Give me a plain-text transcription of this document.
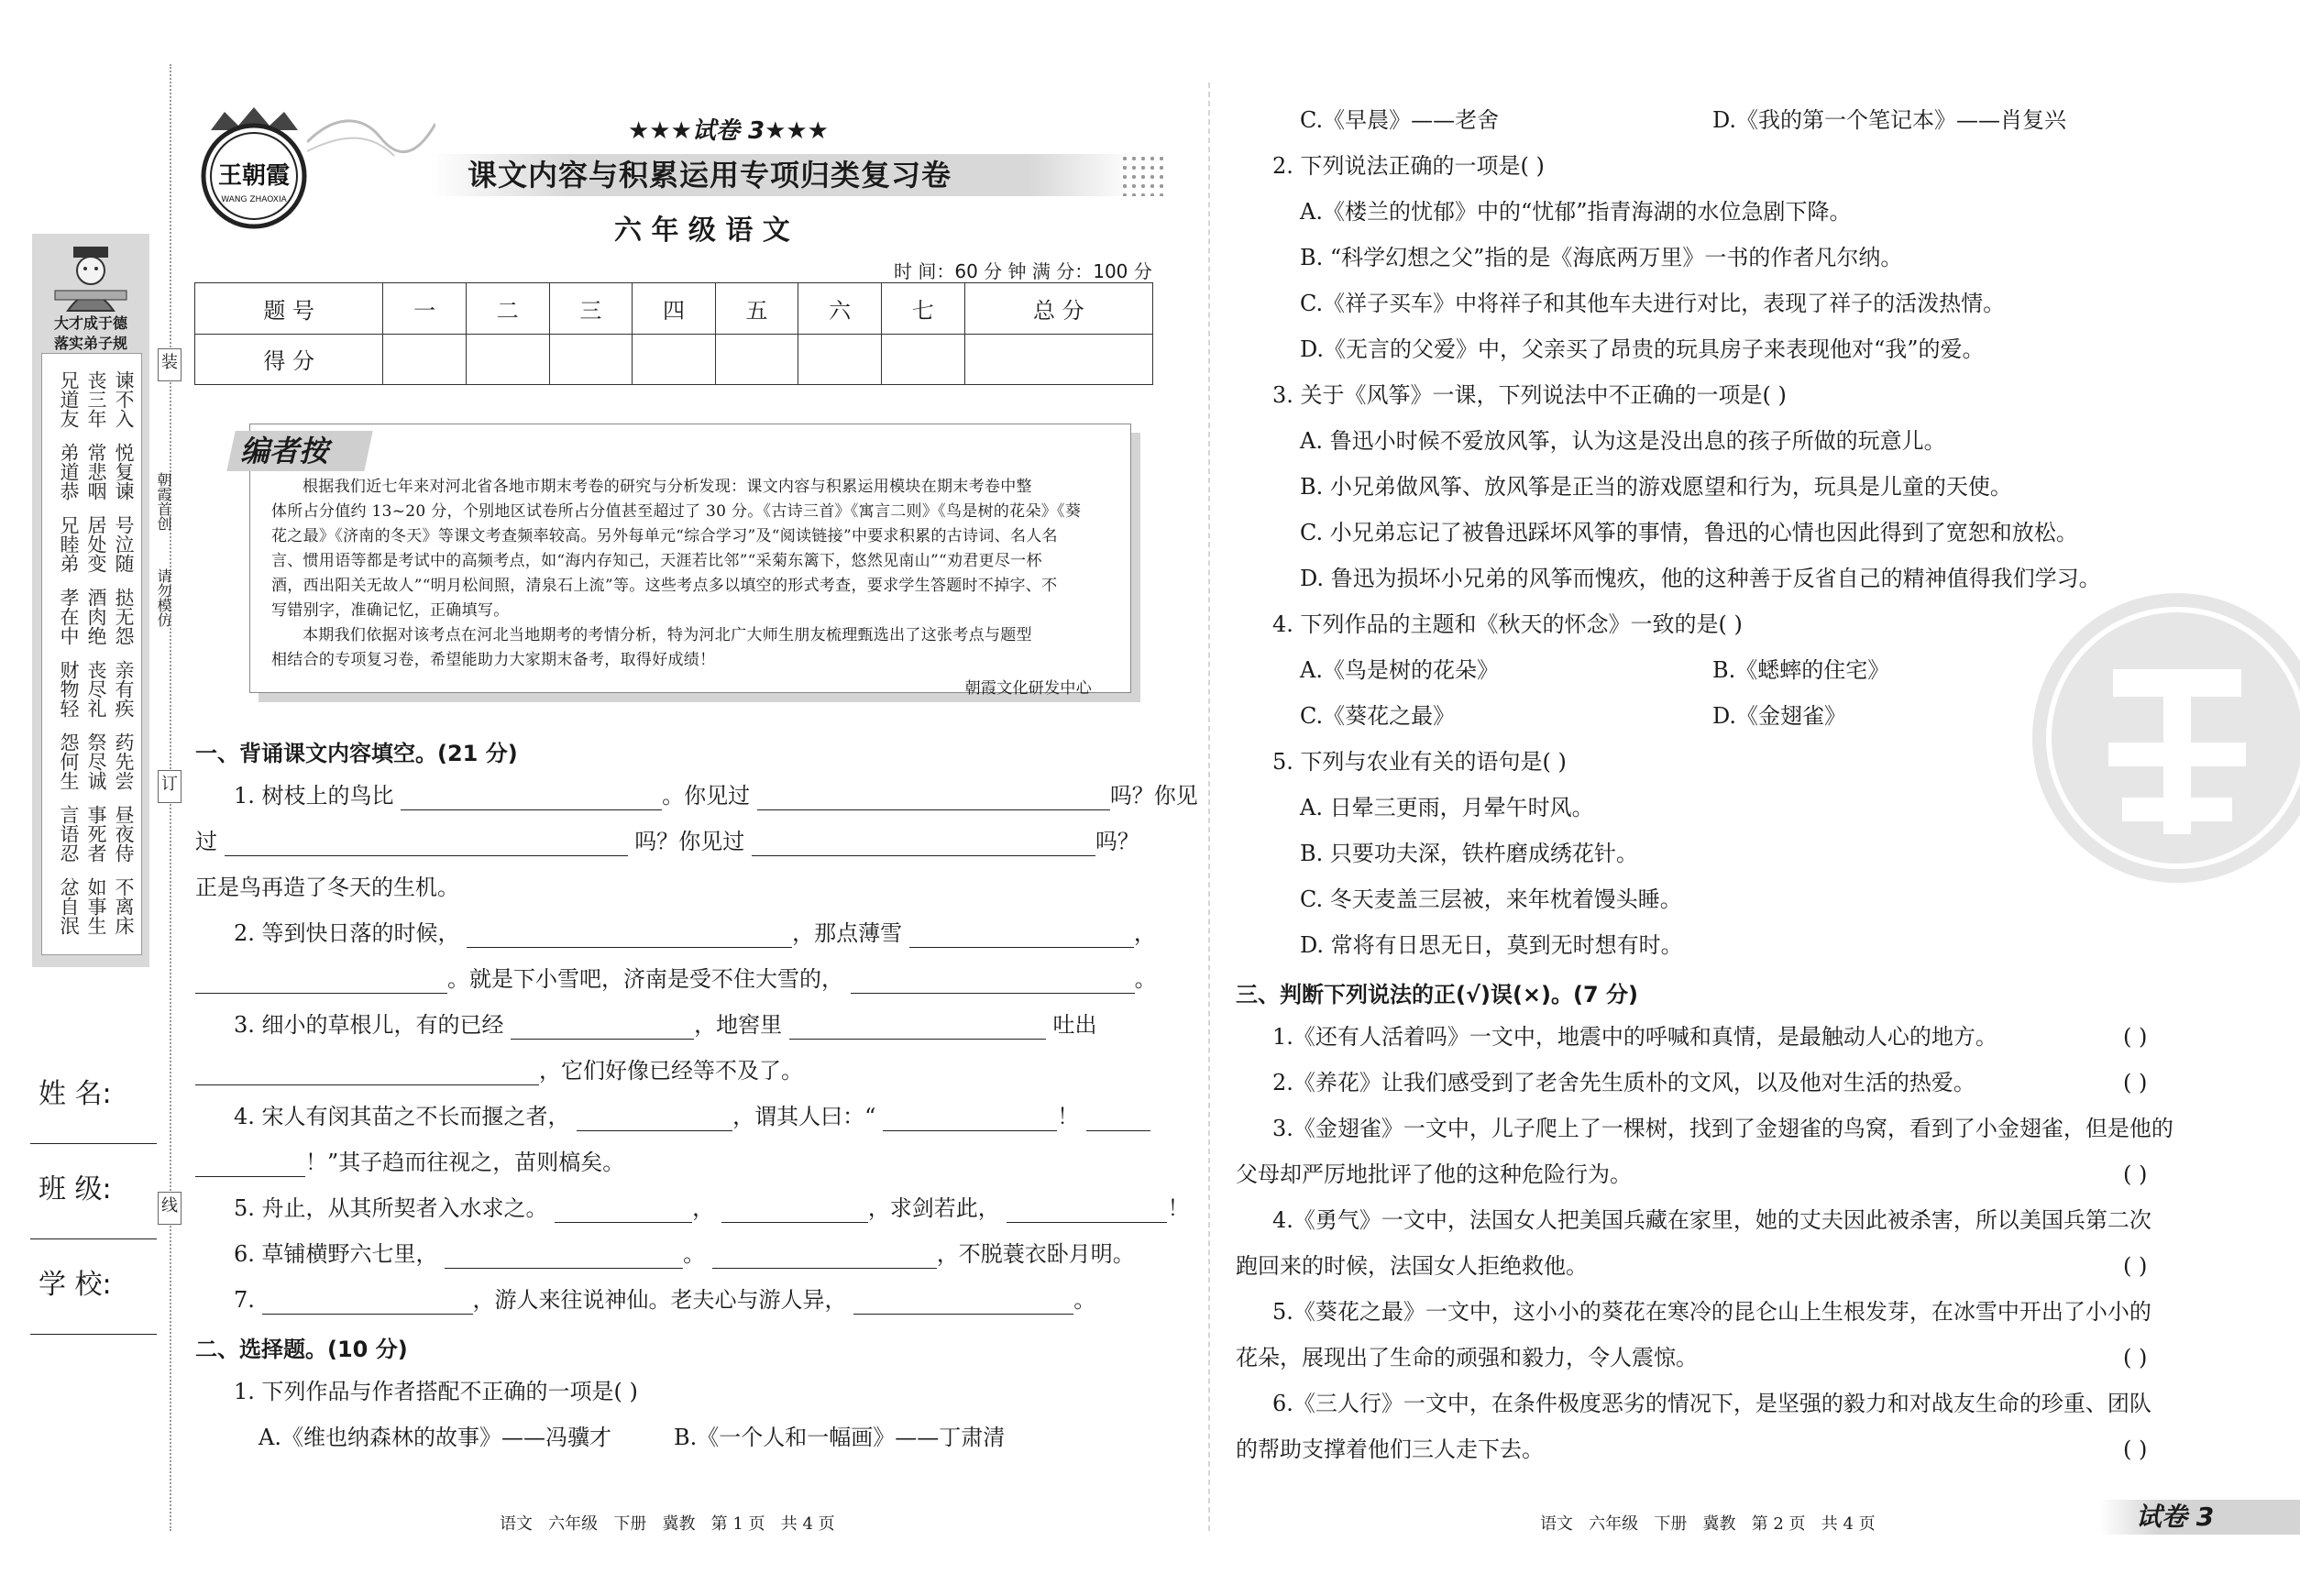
大才成于德
落实弟子规
兄道友 丧三年 谏不入
弟道恭 常悲咽 悦复谏
兄睦弟 居处变 号泣随
孝在中 酒肉绝 挞无怨
财物轻 丧尽礼 亲有疾
怨何生 祭尽诚 药先尝
言语忍 事死者 昼夜侍
忿自泯 如事生 不离床
装
订
线
朝霞首创
请勿模仿
姓 名:
班 级:
学 校:
王朝霞
WANG ZHAOXIA
★★★试卷 3★★★
课文内容与积累运用专项归类复习卷
六 年 级 语 文
时 间：60 分 钟 满 分：100 分
题 号	一	二	三	四	五	六	七	总 分
得 分								
编者按
根据我们近七年来对河北省各地市期末考卷的研究与分析发现：课文内容与积累运用模块在期末考卷中整
体所占分值约 13~20 分，个别地区试卷所占分值甚至超过了 30 分。《古诗三首》《寓言二则》《鸟是树的花朵》《葵
花之最》《济南的冬天》等课文考查频率较高。另外每单元“综合学习”及“阅读链接”中要求积累的古诗词、名人名
言、惯用语等都是考试中的高频考点，如“海内存知己，天涯若比邻”“采菊东篱下，悠然见南山”“劝君更尽一杯
酒，西出阳关无故人”“明月松间照，清泉石上流”等。这些考点多以填空的形式考查，要求学生答题时不掉字、不
写错别字，准确记忆，正确填写。
本期我们依据对该考点在河北当地期考的考情分析，特为河北广大师生朋友梳理甄选出了这张考点与题型
相结合的专项复习卷，希望能助力大家期末备考，取得好成绩！
朝霞文化研发中心
一、背诵课文内容填空。(21 分)
1. 树枝上的鸟比	。你见过	吗？你见
过	吗？你见过	吗？
正是鸟再造了冬天的生机。
2. 等到快日落的时候，	，那点薄雪	，
。就是下小雪吧，济南是受不住大雪的，	。
3. 细小的草根儿，有的已经	，地窖里	吐出
，它们好像已经等不及了。
4. 宋人有闵其苗之不长而揠之者，	，谓其人曰：“	！
！”其子趋而往视之，苗则槁矣。
5. 舟止，从其所契者入水求之。	，	，求剑若此，	！
6. 草铺横野六七里，	。	，不脱蓑衣卧月明。
7.	，游人来往说神仙。老夫心与游人异，	。
二、选择题。(10 分)
1. 下列作品与作者搭配不正确的一项是( )
A.《维也纳森林的故事》——冯骥才	B.《一个人和一幅画》——丁肃清
C.《早晨》——老舍	D.《我的第一个笔记本》——肖复兴
2. 下列说法正确的一项是( )
A.《楼兰的忧郁》中的“忧郁”指青海湖的水位急剧下降。
B. “科学幻想之父”指的是《海底两万里》一书的作者凡尔纳。
C.《祥子买车》中将祥子和其他车夫进行对比，表现了祥子的活泼热情。
D.《无言的父爱》中，父亲买了昂贵的玩具房子来表现他对“我”的爱。
3. 关于《风筝》一课，下列说法中不正确的一项是( )
A. 鲁迅小时候不爱放风筝，认为这是没出息的孩子所做的玩意儿。
B. 小兄弟做风筝、放风筝是正当的游戏愿望和行为，玩具是儿童的天使。
C. 小兄弟忘记了被鲁迅踩坏风筝的事情，鲁迅的心情也因此得到了宽恕和放松。
D. 鲁迅为损坏小兄弟的风筝而愧疚，他的这种善于反省自己的精神值得我们学习。
4. 下列作品的主题和《秋天的怀念》一致的是( )
A.《鸟是树的花朵》	B.《蟋蟀的住宅》
C.《葵花之最》	D.《金翅雀》
5. 下列与农业有关的语句是( )
A. 日晕三更雨，月晕午时风。
B. 只要功夫深，铁杵磨成绣花针。
C. 冬天麦盖三层被，来年枕着馒头睡。
D. 常将有日思无日，莫到无时想有时。
三、判断下列说法的正(√)误(×)。(7 分)
1.《还有人活着吗》一文中，地震中的呼喊和真情，是最触动人心的地方。	( )
2.《养花》让我们感受到了老舍先生质朴的文风，以及他对生活的热爱。	( )
3.《金翅雀》一文中，儿子爬上了一棵树，找到了金翅雀的鸟窝，看到了小金翅雀，但是他的
父母却严厉地批评了他的这种危险行为。	( )
4.《勇气》一文中，法国女人把美国兵藏在家里，她的丈夫因此被杀害，所以美国兵第二次
跑回来的时候，法国女人拒绝救他。	( )
5.《葵花之最》一文中，这小小的葵花在寒冷的昆仑山上生根发芽，在冰雪中开出了小小的
花朵，展现出了生命的顽强和毅力，令人震惊。	( )
6.《三人行》一文中，在条件极度恶劣的情况下，是坚强的毅力和对战友生命的珍重、团队
的帮助支撑着他们三人走下去。	( )
语文   六年级   下册   冀教   第 1 页   共 4 页	语文   六年级   下册   冀教   第 2 页   共 4 页	试卷 3
